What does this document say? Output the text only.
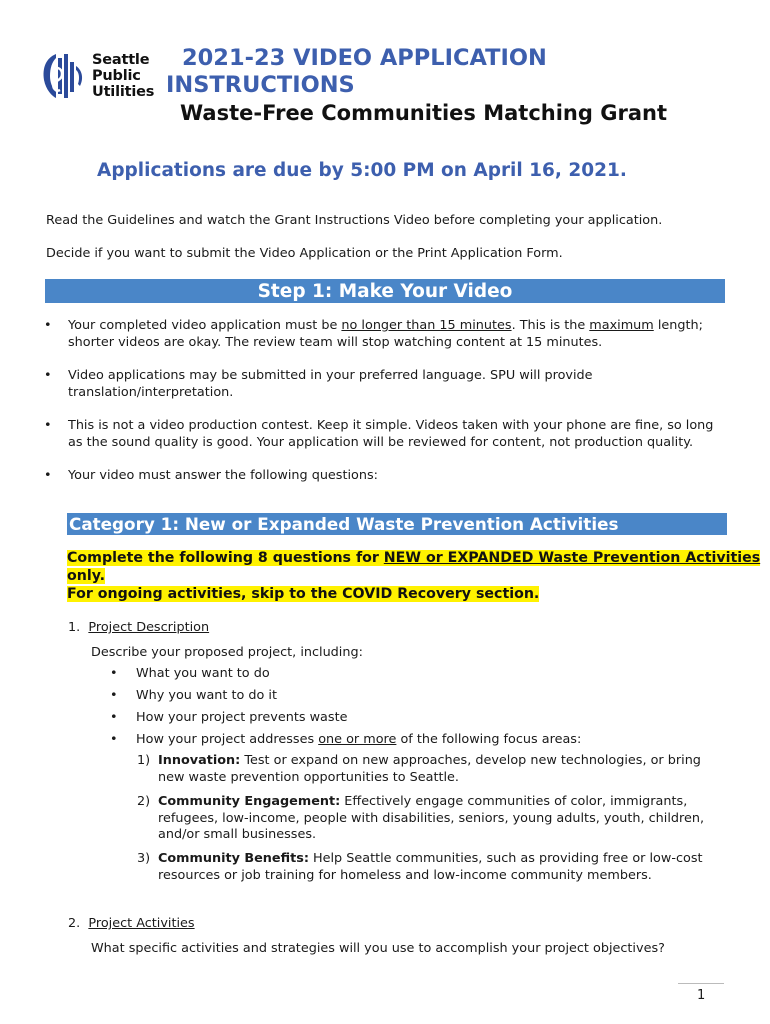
Seattle
Public
Utilities
2021-23 VIDEO APPLICATION
INSTRUCTIONS
Waste-Free Communities Matching Grant
Applications are due by 5:00 PM on April 16, 2021.
Read the Guidelines and watch the Grant Instructions Video before completing your application.
Decide if you want to submit the Video Application or the Print Application Form.
Step 1: Make Your Video
• Your completed video application must be no longer than 15 minutes. This is the maximum length; shorter videos are okay. The review team will stop watching content at 15 minutes.
• Video applications may be submitted in your preferred language. SPU will provide translation/interpretation.
• This is not a video production contest. Keep it simple. Videos taken with your phone are fine, so long as the sound quality is good. Your application will be reviewed for content, not production quality.
• Your video must answer the following questions:
Category 1: New or Expanded Waste Prevention Activities
Complete the following 8 questions for NEW or EXPANDED Waste Prevention Activities only.
For ongoing activities, skip to the COVID Recovery section.
1. Project Description
Describe your proposed project, including:
• What you want to do
• Why you want to do it
• How your project prevents waste
• How your project addresses one or more of the following focus areas:
1) Innovation: Test or expand on new approaches, develop new technologies, or bring new waste prevention opportunities to Seattle.
2) Community Engagement: Effectively engage communities of color, immigrants, refugees, low-income, people with disabilities, seniors, young adults, youth, children, and/or small businesses.
3) Community Benefits: Help Seattle communities, such as providing free or low-cost resources or job training for homeless and low-income community members.
2. Project Activities
What specific activities and strategies will you use to accomplish your project objectives?
1
